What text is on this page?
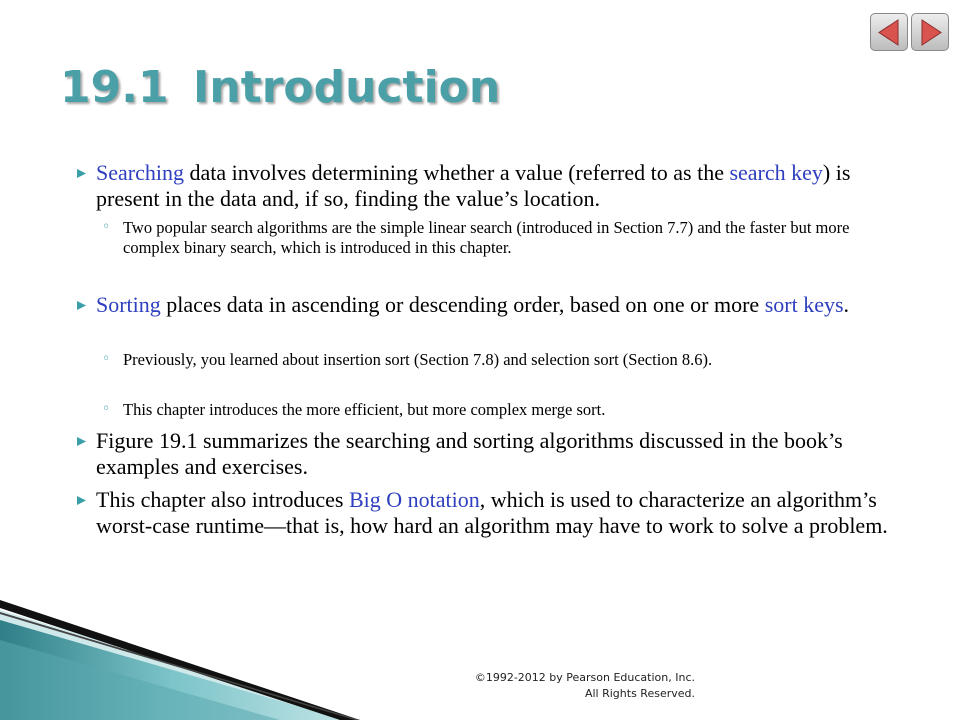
19.1 Introduction

Searching data involves determining whether a value (referred to as the search key) is present in the data and, if so, finding the value’s location.

◦ Two popular search algorithms are the simple linear search (introduced in Section 7.7) and the faster but more complex binary search, which is introduced in this chapter.

Sorting places data in ascending or descending order, based on one or more sort keys.

◦ Previously, you learned about insertion sort (Section 7.8) and selection sort (Section 8.6).

◦ This chapter introduces the more efficient, but more complex merge sort.

Figure 19.1 summarizes the searching and sorting algorithms discussed in the book’s examples and exercises.

This chapter also introduces Big O notation, which is used to characterize an algorithm’s worst-case runtime—that is, how hard an algorithm may have to work to solve a problem.

©1992-2012 by Pearson Education, Inc.
All Rights Reserved.
